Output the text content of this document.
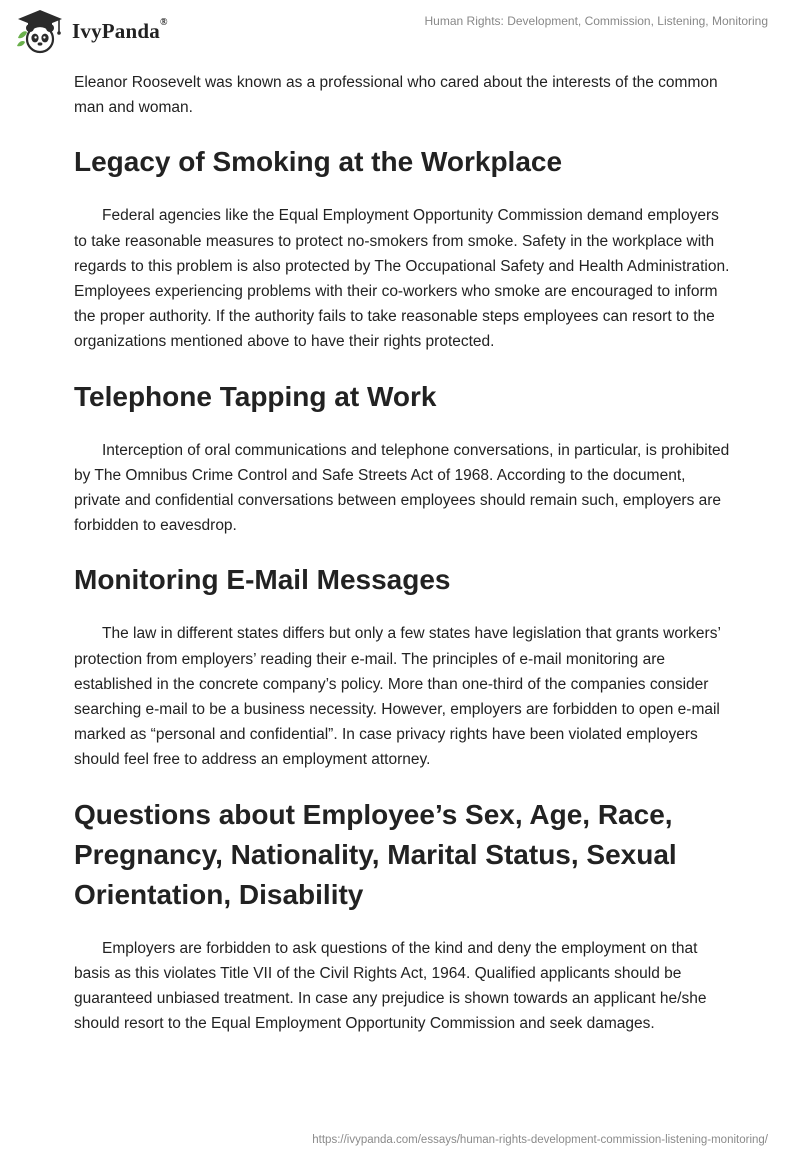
IvyPanda®	Human Rights: Development, Commission, Listening, Monitoring

Eleanor Roosevelt was known as a professional who cared about the interests of the common man and woman.

Legacy of Smoking at the Workplace

Federal agencies like the Equal Employment Opportunity Commission demand employers to take reasonable measures to protect no-smokers from smoke. Safety in the workplace with regards to this problem is also protected by The Occupational Safety and Health Administration. Employees experiencing problems with their co-workers who smoke are encouraged to inform the proper authority. If the authority fails to take reasonable steps employees can resort to the organizations mentioned above to have their rights protected.

Telephone Tapping at Work

Interception of oral communications and telephone conversations, in particular, is prohibited by The Omnibus Crime Control and Safe Streets Act of 1968. According to the document, private and confidential conversations between employees should remain such, employers are forbidden to eavesdrop.

Monitoring E-Mail Messages

The law in different states differs but only a few states have legislation that grants workers’ protection from employers’ reading their e-mail. The principles of e-mail monitoring are established in the concrete company’s policy. More than one-third of the companies consider searching e-mail to be a business necessity. However, employers are forbidden to open e-mail marked as “personal and confidential”. In case privacy rights have been violated employers should feel free to address an employment attorney.

Questions about Employee’s Sex, Age, Race, Pregnancy, Nationality, Marital Status, Sexual Orientation, Disability

Employers are forbidden to ask questions of the kind and deny the employment on that basis as this violates Title VII of the Civil Rights Act, 1964. Qualified applicants should be guaranteed unbiased treatment. In case any prejudice is shown towards an applicant he/she should resort to the Equal Employment Opportunity Commission and seek damages.

https://ivypanda.com/essays/human-rights-development-commission-listening-monitoring/
